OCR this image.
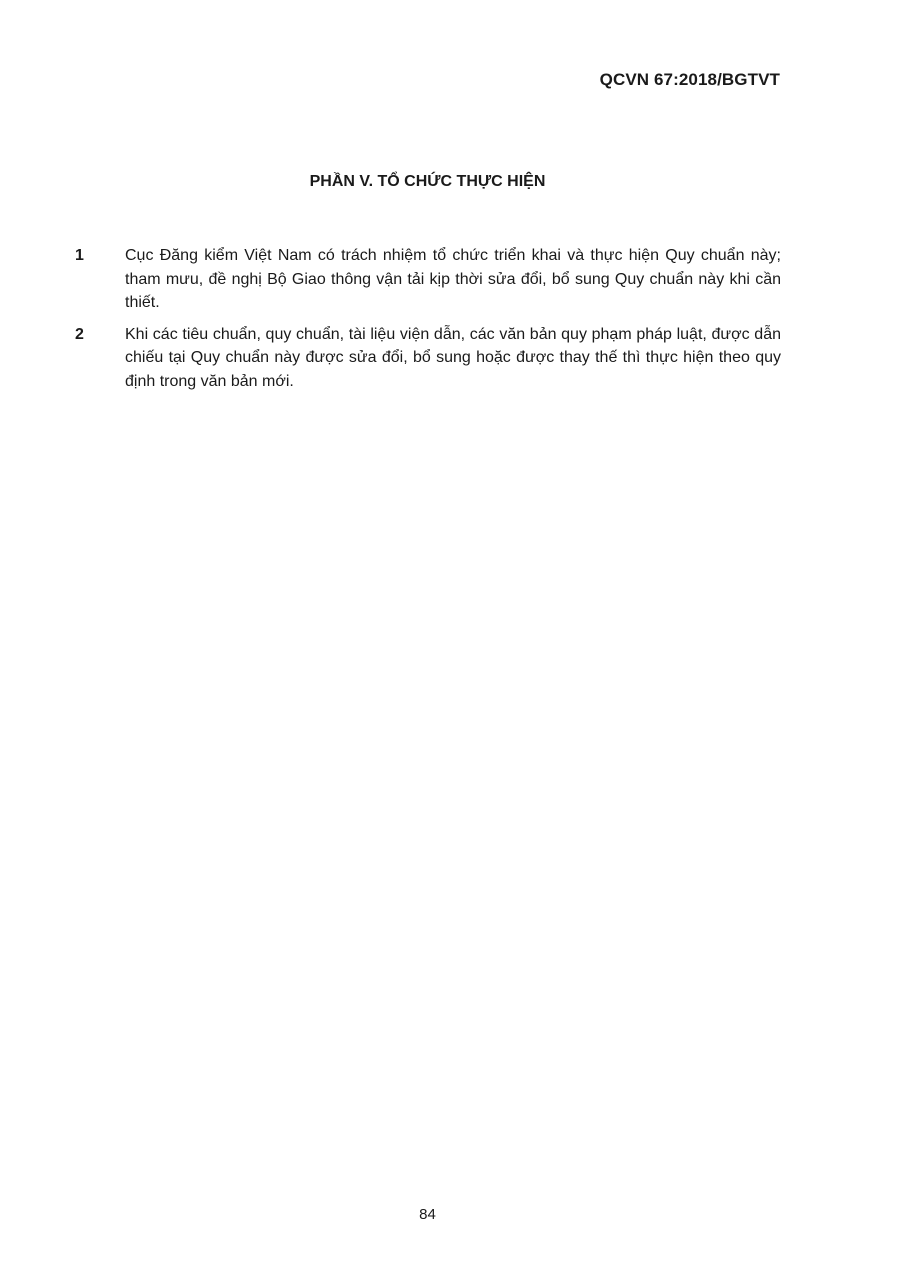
QCVN 67:2018/BGTVT
PHẦN V. TỔ CHỨC THỰC HIỆN
1	Cục Đăng kiểm Việt Nam có trách nhiệm tổ chức triển khai và thực hiện Quy chuẩn này; tham mưu, đề nghị Bộ Giao thông vận tải kịp thời sửa đổi, bổ sung Quy chuẩn này khi cần thiết.
2	Khi các tiêu chuẩn, quy chuẩn, tài liệu viện dẫn, các văn bản quy phạm pháp luật, được dẫn chiếu tại Quy chuẩn này được sửa đổi, bổ sung hoặc được thay thế thì thực hiện theo quy định trong văn bản mới.
84
